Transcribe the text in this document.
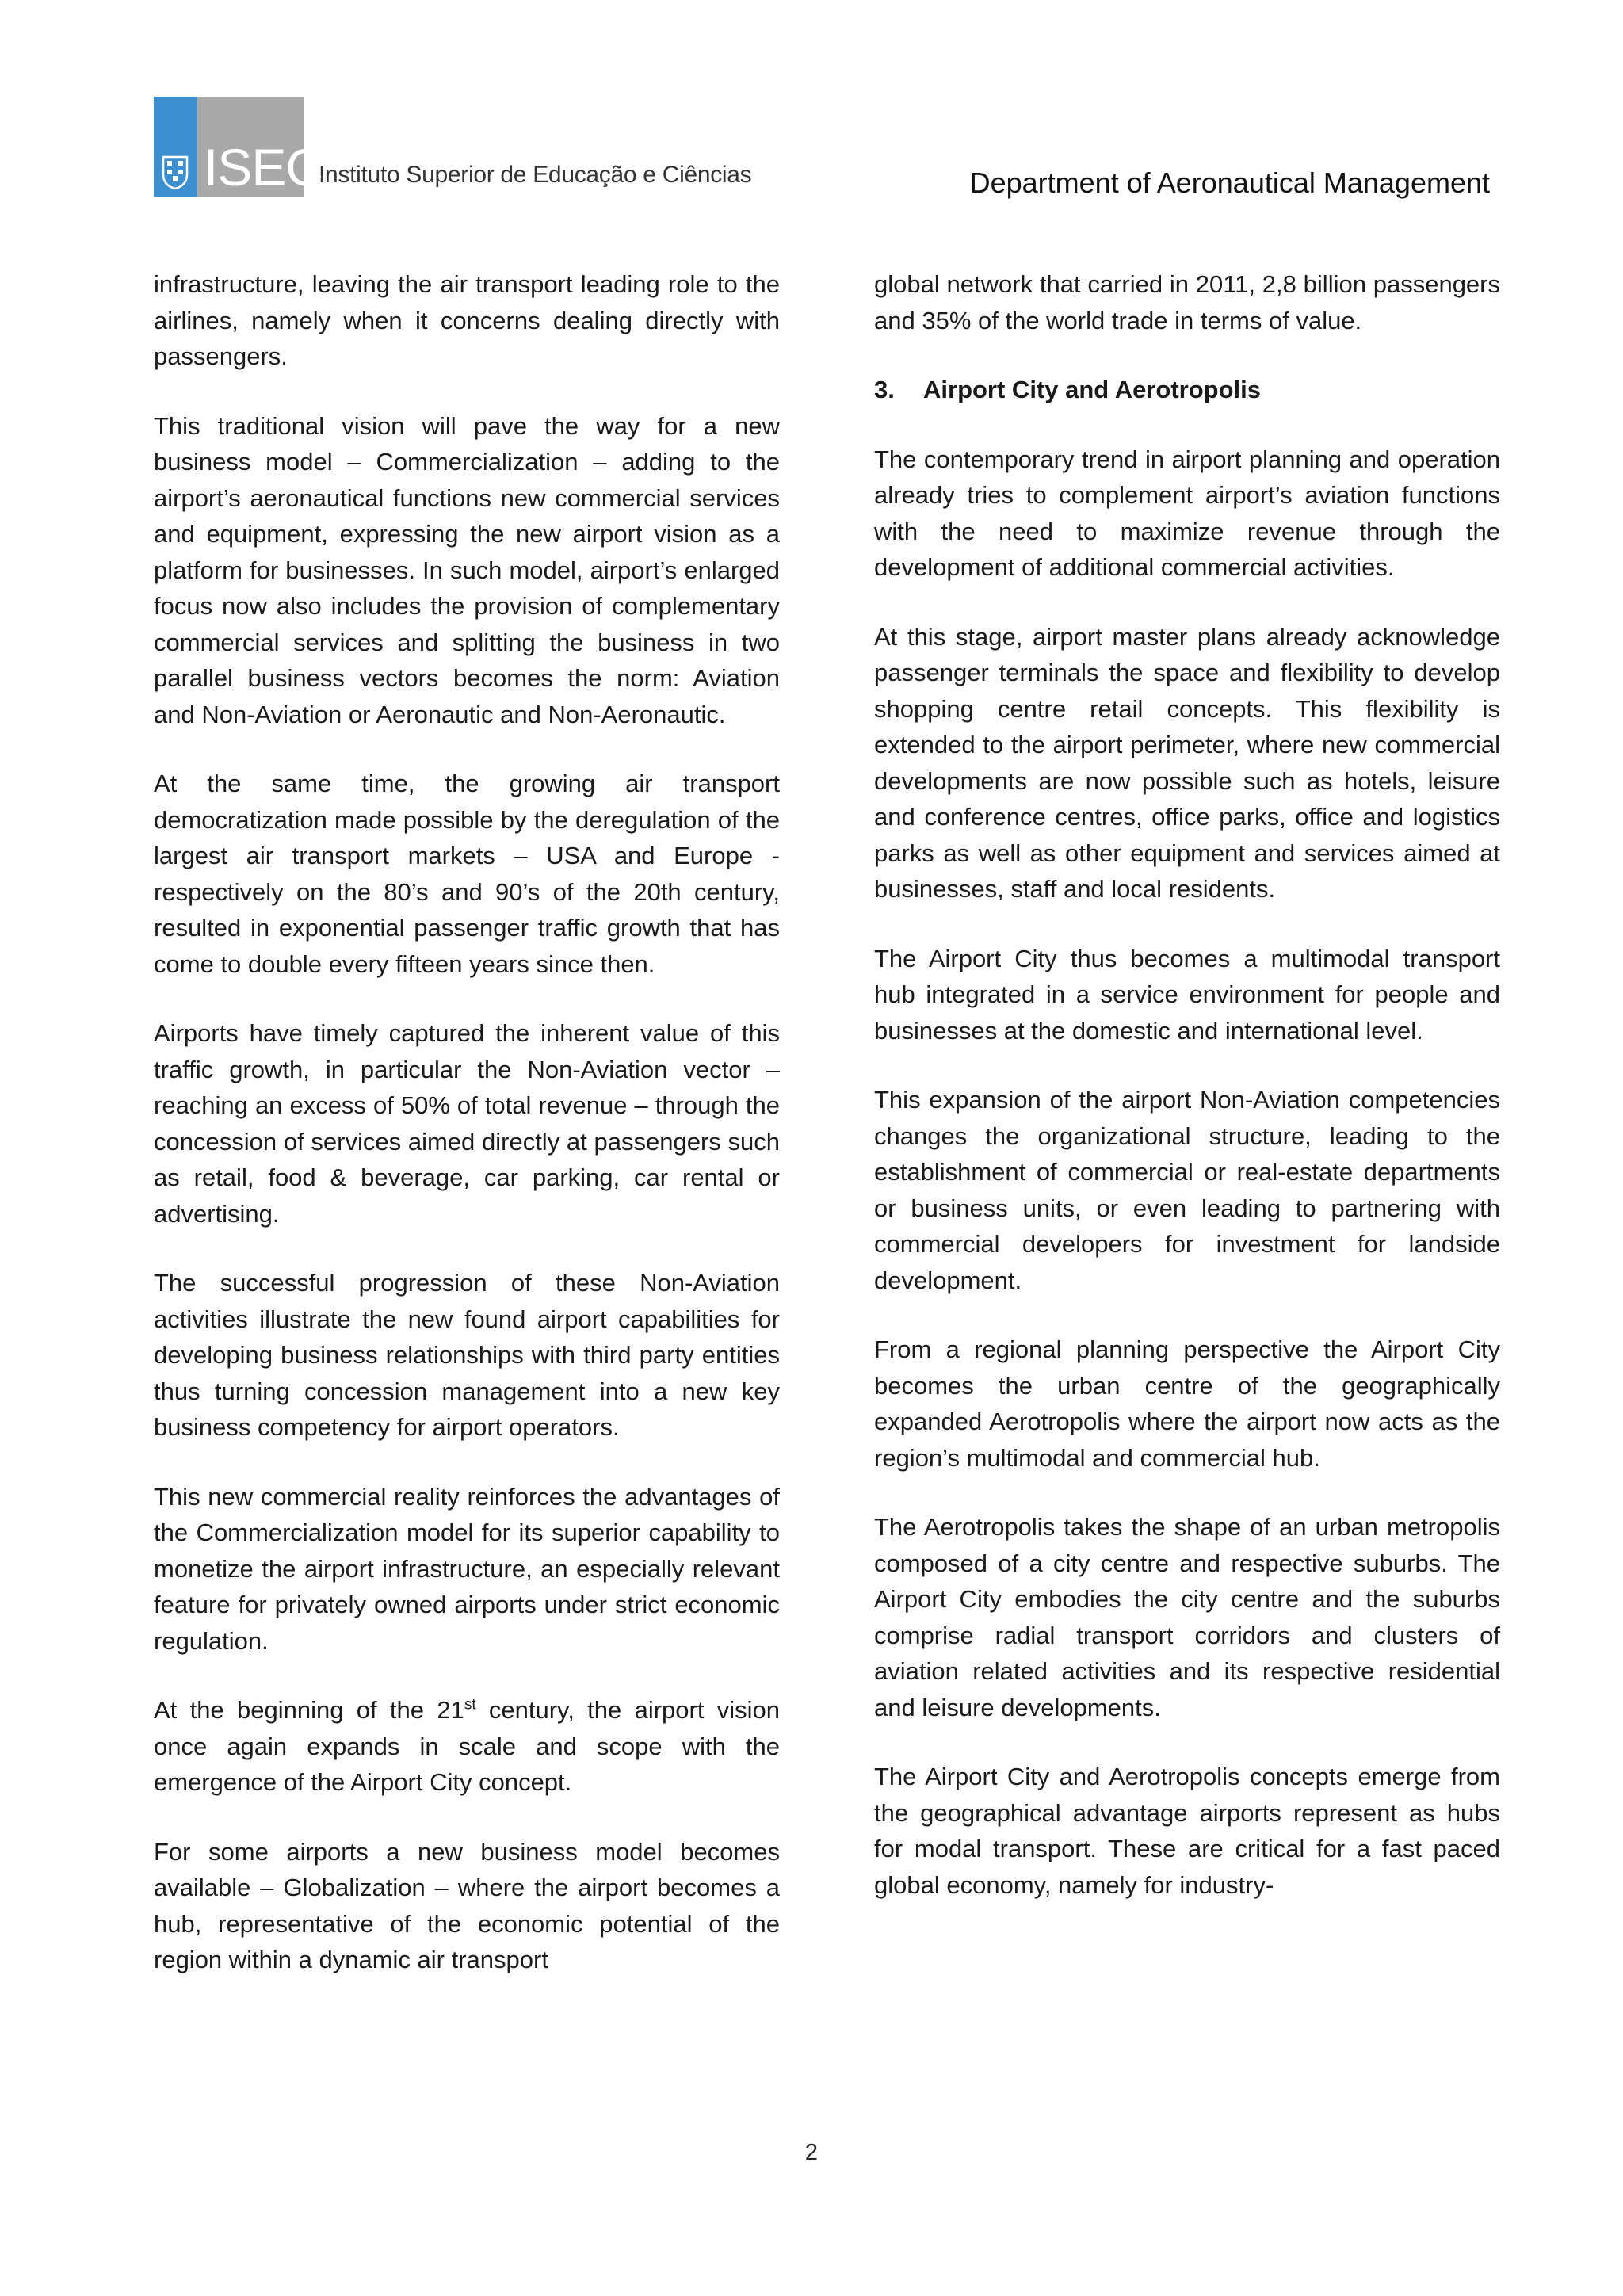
ISEC
Instituto Superior de Educação e Ciências	Department of Aeronautical Management

infrastructure, leaving the air transport leading role to the airlines, namely when it concerns dealing directly with passengers.

This traditional vision will pave the way for a new business model – Commercialization – adding to the airport’s aeronautical functions new commercial services and equipment, expressing the new airport vision as a platform for businesses. In such model, airport’s enlarged focus now also includes the provision of complementary commercial services and splitting the business in two parallel business vectors becomes the norm: Aviation and Non-Aviation or Aeronautic and Non-Aeronautic.

At the same time, the growing air transport democratization made possible by the deregulation of the largest air transport markets – USA and Europe - respectively on the 80’s and 90’s of the 20th century, resulted in exponential passenger traffic growth that has come to double every fifteen years since then.

Airports have timely captured the inherent value of this traffic growth, in particular the Non-Aviation vector – reaching an excess of 50% of total revenue – through the concession of services aimed directly at passengers such as retail, food & beverage, car parking, car rental or advertising.

The successful progression of these Non-Aviation activities illustrate the new found airport capabilities for developing business relationships with third party entities thus turning concession management into a new key business competency for airport operators.

This new commercial reality reinforces the advantages of the Commercialization model for its superior capability to monetize the airport infrastructure, an especially relevant feature for privately owned airports under strict economic regulation.

At the beginning of the 21st century, the airport vision once again expands in scale and scope with the emergence of the Airport City concept.

For some airports a new business model becomes available – Globalization – where the airport becomes a hub, representative of the economic potential of the region within a dynamic air transport

global network that carried in 2011, 2,8 billion passengers and 35% of the world trade in terms of value.

3. Airport City and Aerotropolis

The contemporary trend in airport planning and operation already tries to complement airport’s aviation functions with the need to maximize revenue through the development of additional commercial activities.

At this stage, airport master plans already acknowledge passenger terminals the space and flexibility to develop shopping centre retail concepts. This flexibility is extended to the airport perimeter, where new commercial developments are now possible such as hotels, leisure and conference centres, office parks, office and logistics parks as well as other equipment and services aimed at businesses, staff and local residents.

The Airport City thus becomes a multimodal transport hub integrated in a service environment for people and businesses at the domestic and international level.

This expansion of the airport Non-Aviation competencies changes the organizational structure, leading to the establishment of commercial or real-estate departments or business units, or even leading to partnering with commercial developers for investment for landside development.

From a regional planning perspective the Airport City becomes the urban centre of the geographically expanded Aerotropolis where the airport now acts as the region’s multimodal and commercial hub.

The Aerotropolis takes the shape of an urban metropolis composed of a city centre and respective suburbs. The Airport City embodies the city centre and the suburbs comprise radial transport corridors and clusters of aviation related activities and its respective residential and leisure developments.

The Airport City and Aerotropolis concepts emerge from the geographical advantage airports represent as hubs for modal transport. These are critical for a fast paced global economy, namely for industry-

2
